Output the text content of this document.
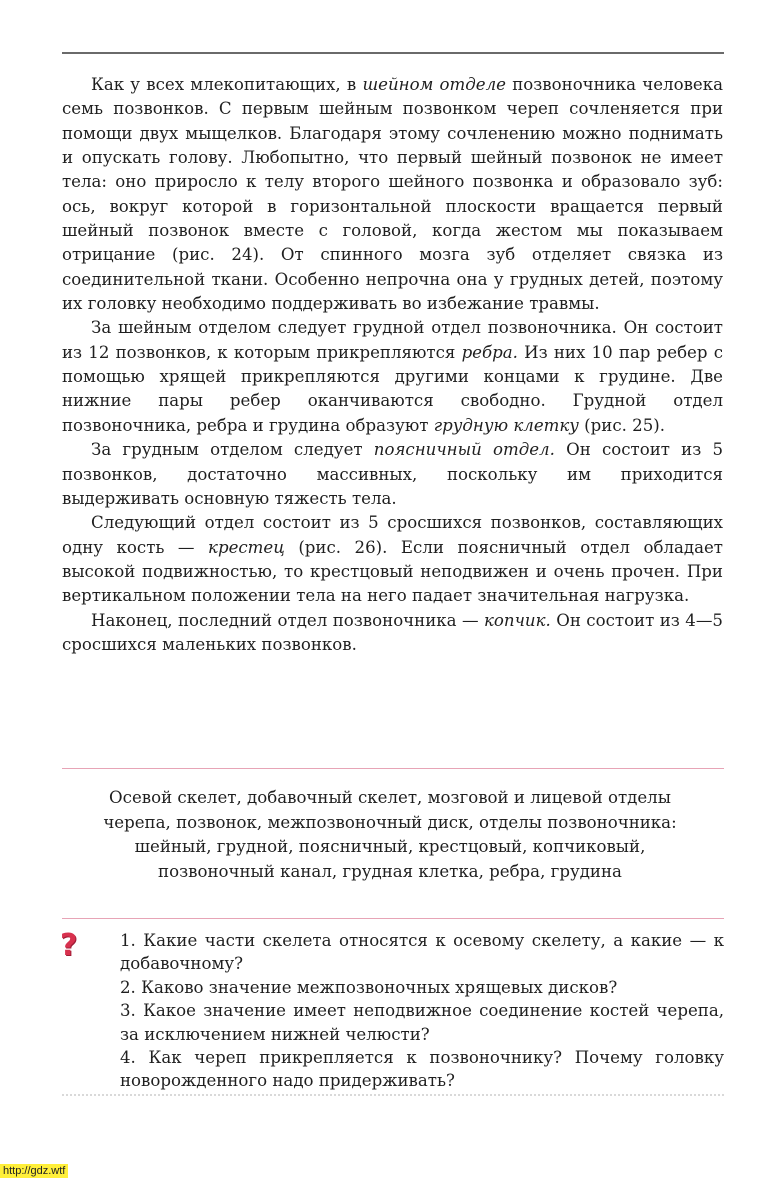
Как у всех млекопитающих, в шейном отделе позвоночника человека семь позвонков. С первым шейным позвонком череп сочленяется при помощи двух мыщелков. Благодаря этому сочленению можно поднимать и опускать голову. Любопытно, что первый шейный позвонок не имеет тела: оно приросло к телу второго шейного позвонка и образовало зуб: ось, вокруг которой в горизонтальной плоскости вращается первый шейный позвонок вместе с головой, когда жестом мы показываем отрицание (рис. 24). От спинного мозга зуб отделяет связка из соединительной ткани. Особенно непрочна она у грудных детей, поэтому их головку необходимо поддерживать во избежание травмы.

За шейным отделом следует грудной отдел позвоночника. Он состоит из 12 позвонков, к которым прикрепляются ребра. Из них 10 пар ребер с помощью хрящей прикрепляются другими концами к грудине. Две нижние пары ребер оканчиваются свободно. Грудной отдел позвоночника, ребра и грудина образуют грудную клетку (рис. 25).

За грудным отделом следует поясничный отдел. Он состоит из 5 позвонков, достаточно массивных, поскольку им приходится выдерживать основную тяжесть тела.

Следующий отдел состоит из 5 сросшихся позвонков, составляющих одну кость — крестец (рис. 26). Если поясничный отдел обладает высокой подвижностью, то крестцовый неподвижен и очень прочен. При вертикальном положении тела на него падает значительная нагрузка.

Наконец, последний отдел позвоночника — копчик. Он состоит из 4—5 сросшихся маленьких позвонков.

Осевой скелет, добавочный скелет, мозговой и лицевой отделы черепа, позвонок, межпозвоночный диск, отделы позвоночника: шейный, грудной, поясничный, крестцовый, копчиковый, позвоночный канал, грудная клетка, ребра, грудина
?	1. Какие части скелета относятся к осевому скелету, а какие — к добавочному?
2. Каково значение межпозвоночных хрящевых дисков?
3. Какое значение имеет неподвижное соединение костей черепа, за исключением нижней челюсти?
4. Как череп прикрепляется к позвоночнику? Почему головку новорожденного надо придерживать?
http://gdz.wtf
